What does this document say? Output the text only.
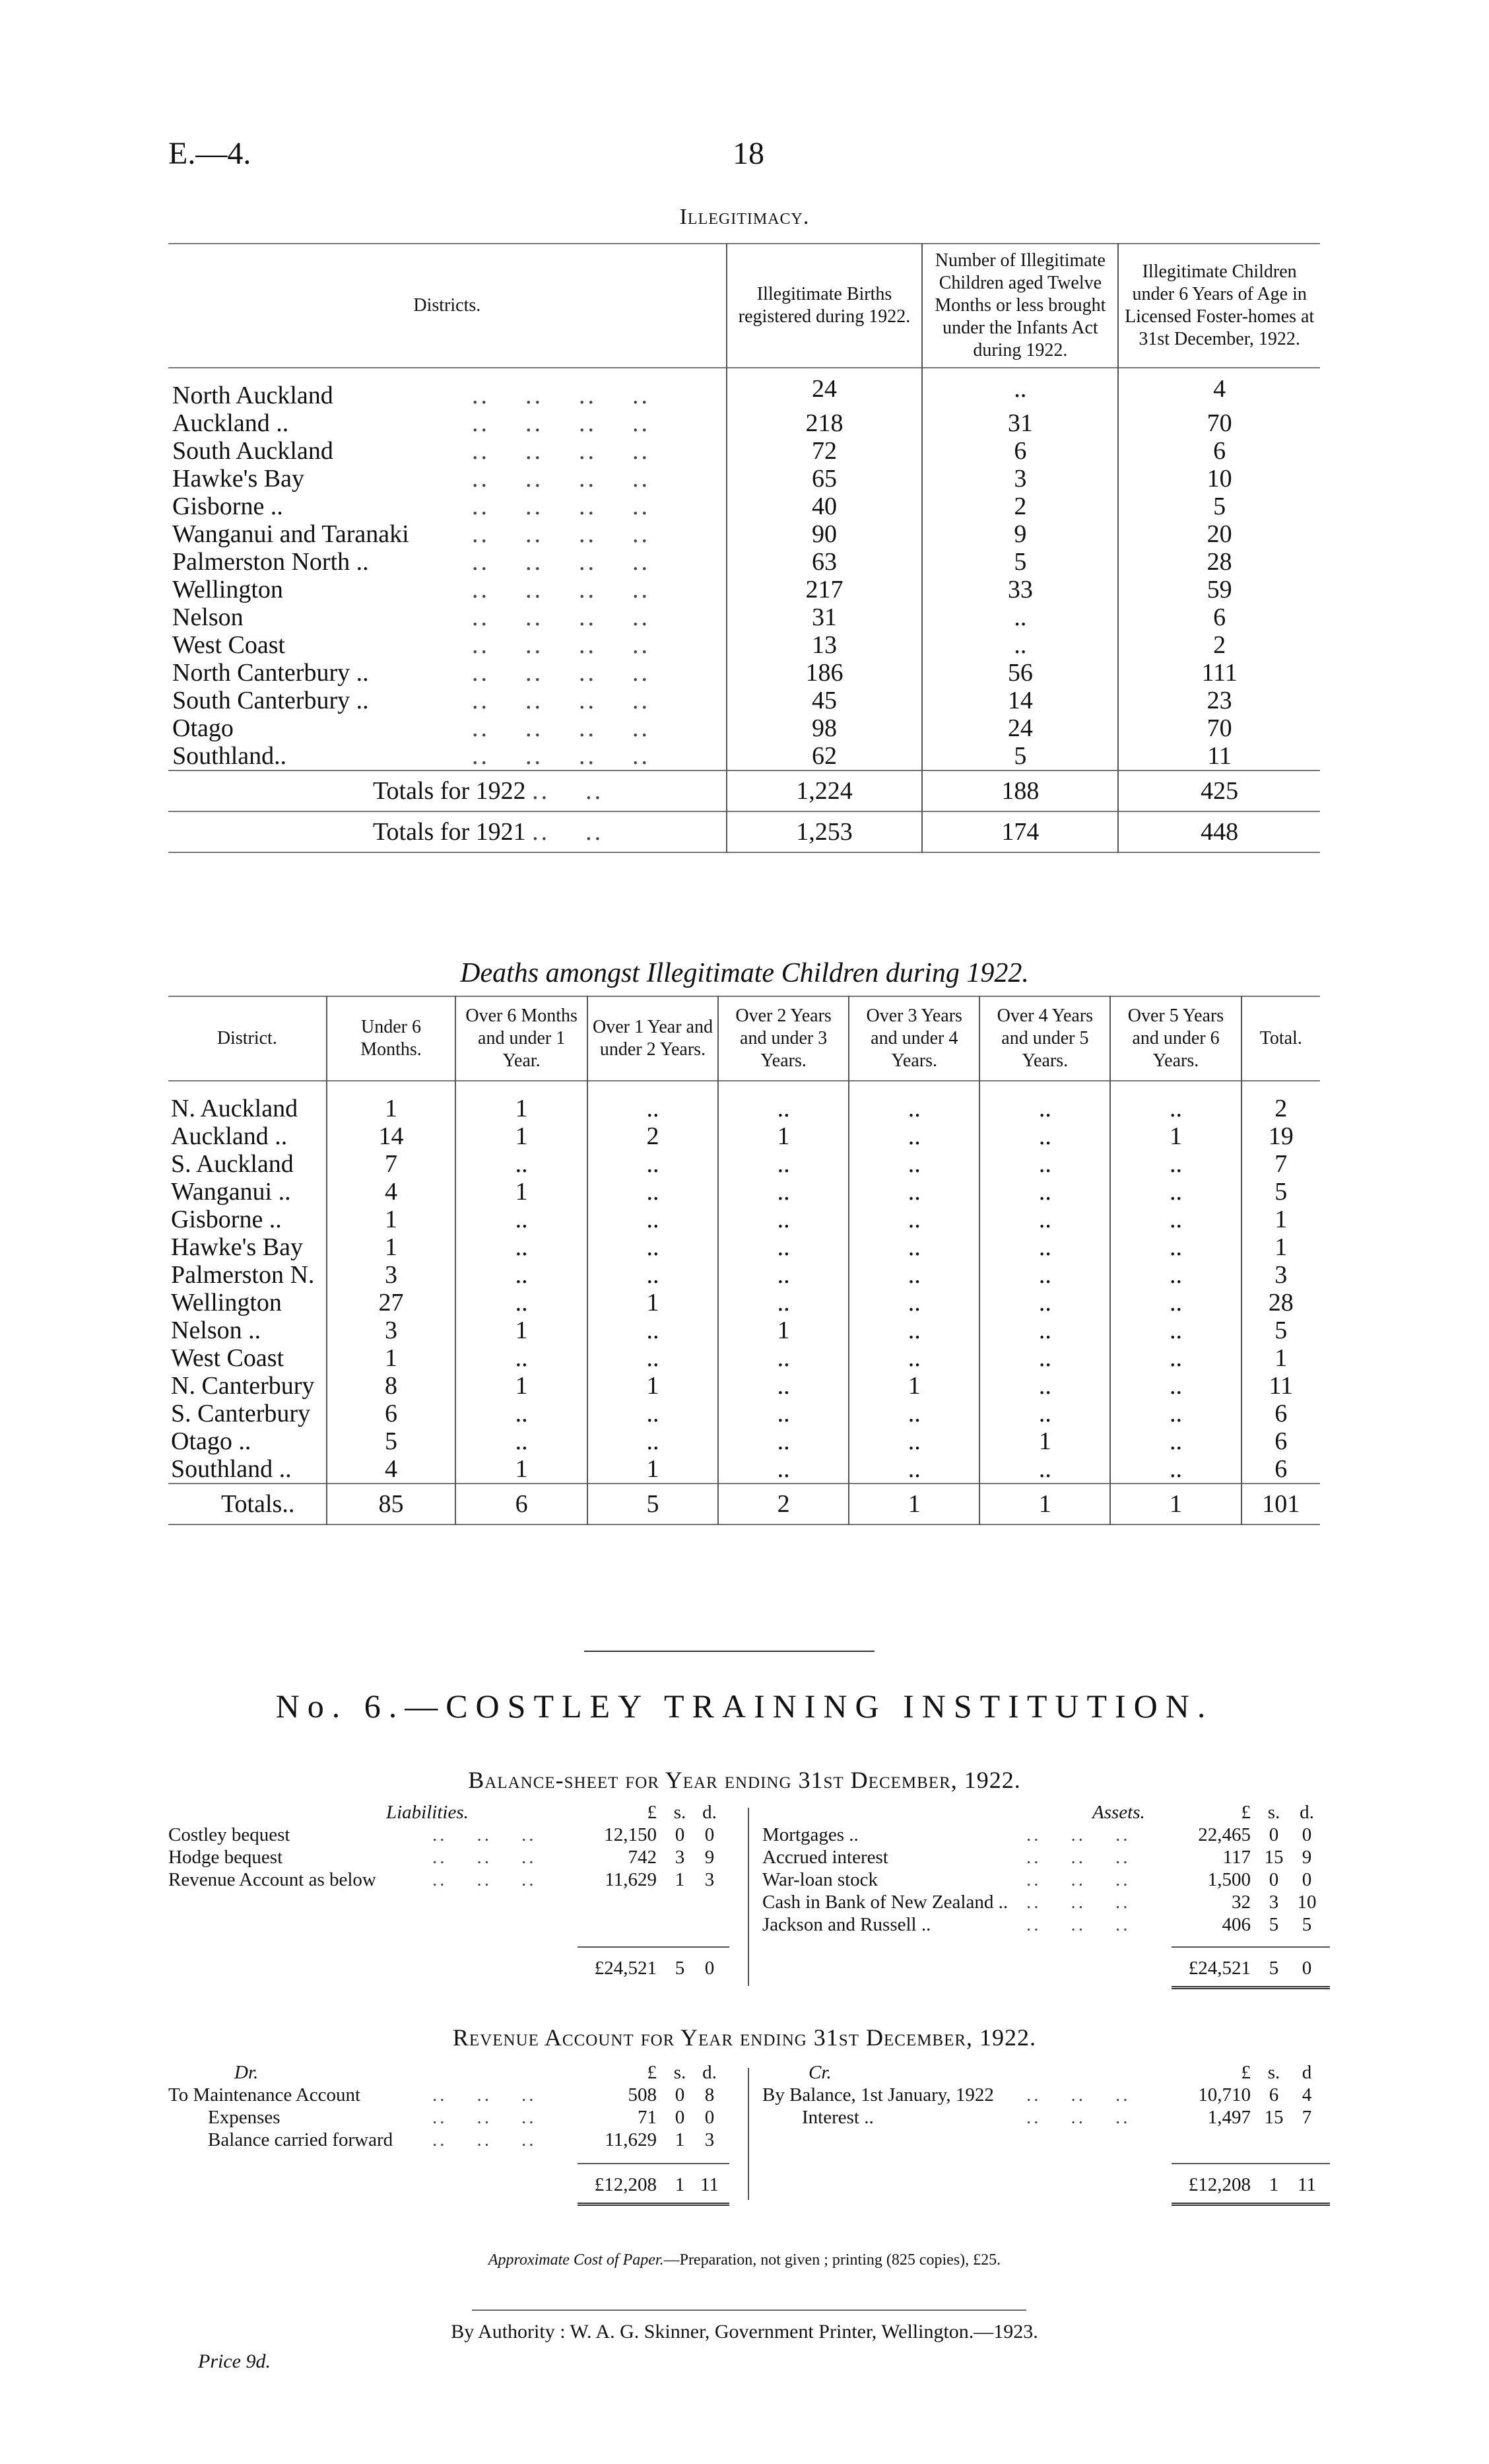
E.—4.	18
Illegitimacy.
Districts.	Illegitimate Births registered during 1922.	Number of Illegitimate Children aged Twelve Months or less brought under the Infants Act during 1922.	Illegitimate Children under 6 Years of Age in Licensed Foster-homes at 31st December, 1922.
North Auckland ..    ..    ..    ..	24	..	4
Auckland .. ..    ..    ..    ..	218	31	70
South Auckland ..    ..    ..    ..	72	6	6
Hawke's Bay ..    ..    ..    ..	65	3	10
Gisborne .. ..    ..    ..    ..	40	2	5
Wanganui and Taranaki ..    ..    ..    ..	90	9	20
Palmerston North .. ..    ..    ..    ..	63	5	28
Wellington ..    ..    ..    ..	217	33	59
Nelson ..    ..    ..    ..	31	..	6
West Coast ..    ..    ..    ..	13	..	2
North Canterbury .. ..    ..    ..    ..	186	56	111
South Canterbury .. ..    ..    ..    ..	45	14	23
Otago ..    ..    ..    ..	98	24	70
Southland.. ..    ..    ..    ..	62	5	11
Totals for 1922 ..    ..	1,224	188	425
Totals for 1921 ..    ..	1,253	174	448
Deaths amongst Illegitimate Children during 1922.
District.	Under 6 Months.	Over 6 Months and under 1 Year.	Over 1 Year and under 2 Years.	Over 2 Years and under 3 Years.	Over 3 Years and under 4 Years.	Over 4 Years and under 5 Years.	Over 5 Years and under 6 Years.	Total.
N. Auckland	1	1	..	..	..	..	..	2
Auckland ..	14	1	2	1	..	..	1	19
S. Auckland	7	..	..	..	..	..	..	7
Wanganui ..	4	1	..	..	..	..	..	5
Gisborne ..	1	..	..	..	..	..	..	1
Hawke's Bay	1	..	..	..	..	..	..	1
Palmerston N.	3	..	..	..	..	..	..	3
Wellington	27	..	1	..	..	..	..	28
Nelson ..	3	1	..	1	..	..	..	5
West Coast	1	..	..	..	..	..	..	1
N. Canterbury	8	1	1	..	1	..	..	11
S. Canterbury	6	..	..	..	..	..	..	6
Otago ..	5	..	..	..	..	1	..	6
Southland ..	4	1	1	..	..	..	..	6
Totals..	85	6	5	2	1	1	1	101
No. 6.—COSTLEY TRAINING INSTITUTION.
Balance-sheet for Year ending 31st December, 1922.
Liabilities.	£ s. d.
Costley bequest	..    ..    ..	12,150 0	0
Hodge bequest	..    ..    ..	742 3	9
Revenue Account as below	..    ..    ..	11,629 1	3
£24,521 5	0
Assets.	£ s.	d.
Mortgages ..	..    ..    ..	22,465 0	0
Accrued interest	..    ..    ..	117 15 9
War-loan stock	..    ..    ..	1,500 0	0
Cash in Bank of New Zealand .. ..    ..    ..	32 3 10
Jackson and Russell ..	..    ..    ..	406 5	5
£24,521 5	0
Revenue Account for Year ending 31st December, 1922.
Dr.	£ s. d.
To Maintenance Account	..    ..    ..	508 0	8
Expenses	..    ..    ..	71 0	0
Balance carried forward ..    ..    ..	11,629 1	3
£12,208 1 11
Cr.	£ s.	d
By Balance, 1st January, 1922 ..    ..    ..	10,710 6	4
Interest ..	..    ..    ..	1,497 15 7
£12,208 1 11
Approximate Cost of Paper.—Preparation, not given ; printing (825 copies), £25.
By Authority : W. A. G. Skinner, Government Printer, Wellington.—1923.
Price 9d.
